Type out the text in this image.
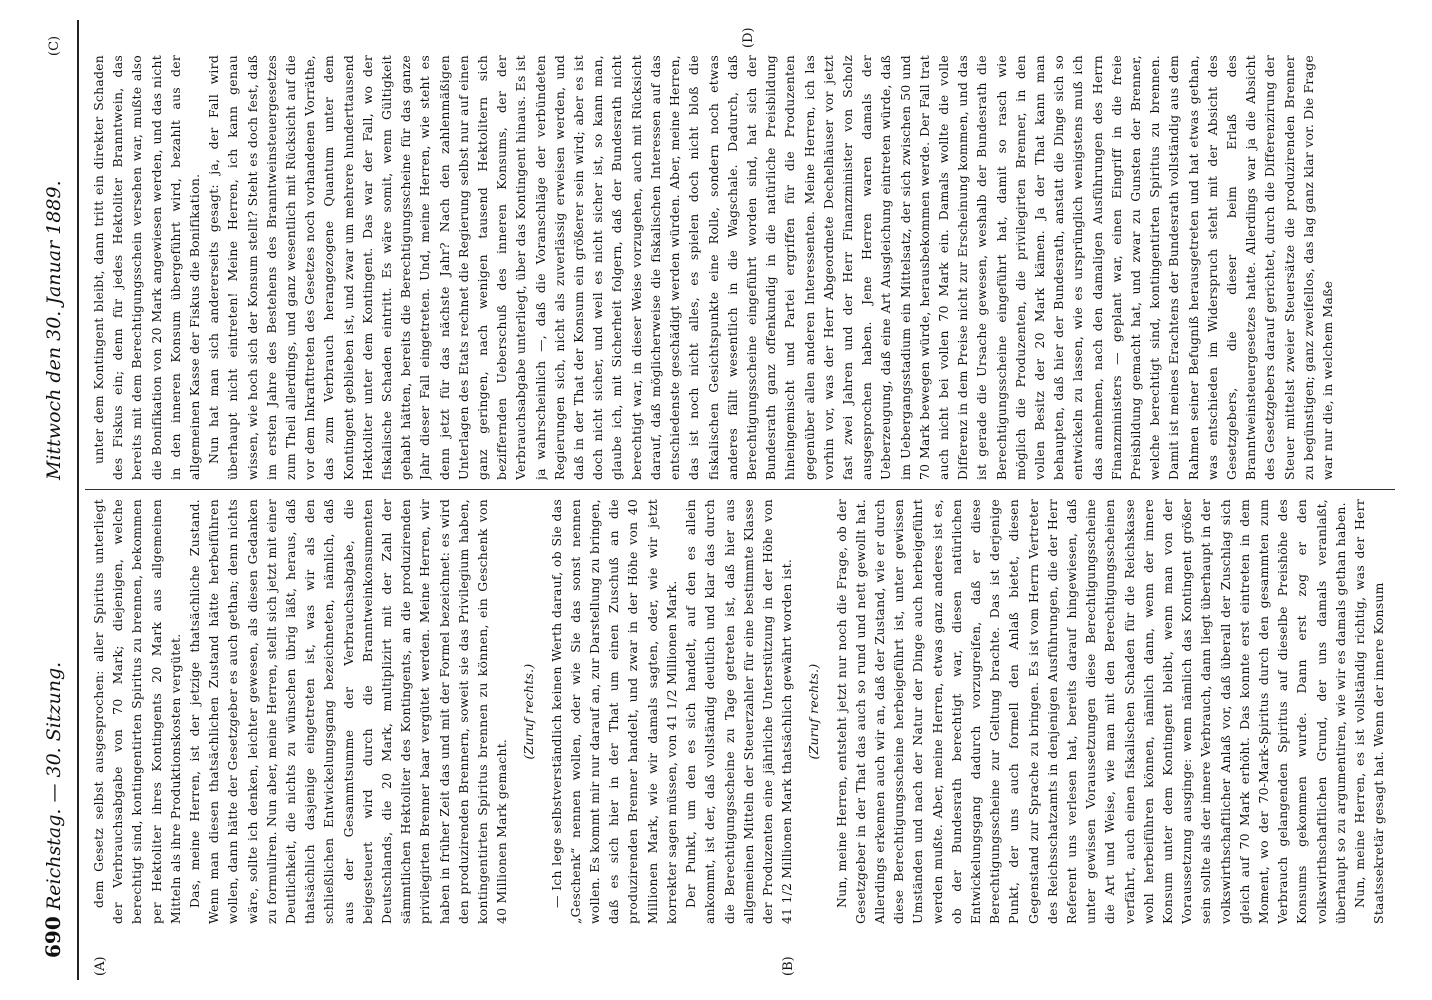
690
Reichstag. — 30. Sitzung.
Mittwoch den 30. Januar 1889.
(C)
(A)	(B)
(D)

dem Gesetz selbst ausgesprochen: aller Spiritus unterliegt der Verbrauchsabgabe von 70 Mark; diejenigen, welche berechtigt sind, kontingentirten Spiritus zu brennen, bekommen per Hektoliter ihres Kontingents 20 Mark aus allgemeinen Mitteln als ihre Produktionskosten vergütet. Das, meine Herren, ist der jetzige thatsächliche Zustand. Wenn man diesen thatsächlichen Zustand hätte herbeiführen wollen, dann hätte der Gesetzgeber es auch gethan; denn nichts wäre, sollte ich denken, leichter gewesen, als diesen Gedanken zu formuliren. Nun aber, meine Herren, stellt sich jetzt mit einer Deutlichkeit, die nichts zu wünschen übrig läßt, heraus, daß thatsächlich dasjenige eingetreten ist, was wir als den schließlichen Entwickelungsgang bezeichneten, nämlich, daß aus der Gesammtsumme der Verbrauchsabgabe, die beigesteuert wird durch die Branntweinkonsumenten Deutschlands, die 20 Mark, multiplizirt mit der Zahl der sämmtlichen Hektoliter des Kontingents, an die produzirenden privilegirten Brenner baar vergütet werden. Meine Herren, wir haben in früher Zeit das und mit der Formel bezeichnet: es wird den produzirenden Brennern, soweit sie das Privilegium haben, kontingentirten Spiritus brennen zu können, ein Geschenk von 40 Millionen Mark gemacht.

(Zuruf rechts.) — Ich lege selbstverständlich keinen Werth darauf, ob Sie das „Geschenk“ nennen wollen, oder wie Sie das sonst nennen wollen. Es kommt mir nur darauf an, zur Darstellung zu bringen, daß es sich hier in der That um einen Zuschuß an die produzirenden Brenner handelt, und zwar in der Höhe von 40 Millionen Mark, wie wir damals sagten, oder, wie wir jetzt korrekter sagen müssen, von 41 1/2 Millionen Mark. Der Punkt, um den es sich handelt, auf den es allein ankommt, ist der, daß vollständig deutlich und klar das durch die Berechtigungsscheine zu Tage getreten ist, daß hier aus allgemeinen Mitteln der Steuerzahler für eine bestimmte Klasse der Produzenten eine jährliche Unterstützung in der Höhe von 41 1/2 Millionen Mark thatsächlich gewährt worden ist. (Zuruf rechts.) Nun, meine Herren, entsteht jetzt nur noch die Frage, ob der Gesetzgeber in der That das auch so rund und nett gewollt hat. Allerdings erkennen auch wir an, daß der Zustand, wie er durch diese Berechtigungsscheine herbeigeführt ist, unter gewissen Umständen und nach der Natur der Dinge auch herbeigeführt werden mußte. Aber, meine Herren, etwas ganz anderes ist es, ob der Bundesrath berechtigt war, diesen natürlichen Entwickelungsgang dadurch vorzugreifen, daß er diese Berechtigungsscheine zur Geltung brachte. Das ist derjenige Punkt, der uns auch formell den Anlaß bietet, diesen Gegenstand zur Sprache zu bringen. Es ist vom Herrn Vertreter des Reichsschatzamts in denjenigen Ausführungen, die der Herr Referent uns verlesen hat, bereits darauf hingewiesen, daß unter gewissen Voraussetzungen diese Berechtigungsscheine die Art und Weise, wie man mit den Berechtigungsscheinen verfährt, auch einen fiskalischen Schaden für die Reichskasse wohl herbeiführen können, nämlich dann, wenn der innere Konsum unter dem Kontingent bleibt, wenn man von der Voraussetzung ausginge: wenn nämlich das Kontingent größer sein sollte als der innere Verbrauch, dann liegt überhaupt in der volkswirthschaftlicher Anlaß vor, daß überall der Zuschlag sich gleich auf 70 Mark erhöht. Das konnte erst eintreten in dem Moment, wo der 70-Mark-Spiritus durch den gesammten zum Verbrauch gelangenden Spiritus auf dieselbe Preishöhe des Konsums gekommen wurde. Dann erst zog er den volkswirthschaftlichen Grund, der uns damals veranlaßt, überhaupt so zu argumentiren, wie wir es damals gethan haben. Nun, meine Herren, es ist vollständig richtig, was der Herr Staatssekretär gesagt hat. Wenn der innere Konsum

unter dem Kontingent bleibt, dann tritt ein direkter Schaden des Fiskus ein; denn für jedes Hektoliter Branntwein, das bereits mit dem Berechtigungsschein versehen war, mußte also die Bonifikation von 20 Mark angewiesen werden, und das nicht in den inneren Konsum übergeführt wird, bezahlt aus der allgemeinen Kasse der Fiskus die Bonifikation. Nun hat man sich andererseits gesagt: ja, der Fall wird überhaupt nicht eintreten! Meine Herren, ich kann genau wissen, wie hoch sich der Konsum stellt? Steht es doch fest, daß im ersten Jahre des Bestehens des Branntweinsteuergesetzes zum Theil allerdings, und ganz wesentlich mit Rücksicht auf die vor dem Inkrafttreten des Gesetzes noch vorhandenen Vorräthe, das zum Verbrauch herangezogene Quantum unter dem Kontingent geblieben ist, und zwar um mehrere hunderttausend Hektoliter unter dem Kontingent. Das war der Fall, wo der fiskalische Schaden eintritt. Es wäre somit, wenn Gültigkeit gehabt hätten, bereits die Berechtigungsscheine für das ganze Jahr dieser Fall eingetreten. Und, meine Herren, wie steht es denn jetzt für das nächste Jahr? Nach den zahlenmäßigen Unterlagen des Etats rechnet die Regierung selbst nur auf einen ganz geringen, nach wenigen tausend Hektolitern sich beziffernden Ueberschuß des inneren Konsums, der der Verbrauchsabgabe unterliegt, über das Kontingent hinaus. Es ist ja wahrscheinlich —, daß die Voranschläge der verbündeten Regierungen sich, nicht als zuverlässig erweisen werden, und daß in der That der Konsum ein größerer sein wird; aber es ist doch nicht sicher, und weil es nicht sicher ist, so kann man, glaube ich, mit Sicherheit folgern, daß der Bundesrath nicht berechtigt war, in dieser Weise vorzugehen, auch mit Rücksicht darauf, daß möglicherweise die fiskalischen Interessen auf das entschiedenste geschädigt werden würden. Aber, meine Herren, das ist noch nicht alles, es spielen doch nicht bloß die fiskalischen Gesichtspunkte eine Rolle, sondern noch etwas anderes fällt wesentlich in die Wagschale. Dadurch, daß Berechtigungsscheine eingeführt worden sind, hat sich der Bundesrath ganz offenkundig in die natürliche Preisbildung hineingemischt und Partei ergriffen für die Produzenten gegenüber allen anderen Interessenten. Meine Herren, ich las vorhin vor, was der Herr Abgeordnete Dechelhäuser vor jetzt fast zwei Jahren und der Herr Finanzminister von Scholz ausgesprochen haben. Jene Herren waren damals der Ueberzeugung, daß eine Art Ausgleichung eintreten würde, daß im Uebergangsstadium ein Mittelsatz, der sich zwischen 50 und 70 Mark bewegen würde, herausbekommen werde. Der Fall trat auch nicht bei vollen 70 Mark ein. Damals wollte die volle Differenz in dem Preise nicht zur Erscheinung kommen, und das ist gerade die Ursache gewesen, weshalb der Bundesrath die Berechtigungsscheine eingeführt hat, damit so rasch wie möglich die Produzenten, die privilegirten Brenner, in den vollen Besitz der 20 Mark kämen. Ja der That kann man behaupten, daß hier der Bundesrath, anstatt die Dinge sich so entwickeln zu lassen, wie es ursprünglich wenigstens muß ich das annehmen, nach den damaligen Ausführungen des Herrn Finanzministers — geplant war, einen Eingriff in die freie Preisbildung gemacht hat, und zwar zu Gunsten der Brenner, welche berechtigt sind, kontingentirten Spiritus zu brennen. Damit ist meines Erachtens der Bundesrath vollständig aus dem Rahmen seiner Befugniß herausgetreten und hat etwas gethan, was entschieden im Widerspruch steht mit der Absicht des Gesetzgebers, die dieser beim Erlaß des Branntweinsteuergesetzes hatte. Allerdings war ja die Absicht des Gesetzgebers darauf gerichtet, durch die Differenzirung der Steuer mittelst zweier Steuersätze die produzirenden Brenner zu begünstigen; ganz zweifellos, das lag ganz klar vor. Die Frage war nur die, in welchem Maße
